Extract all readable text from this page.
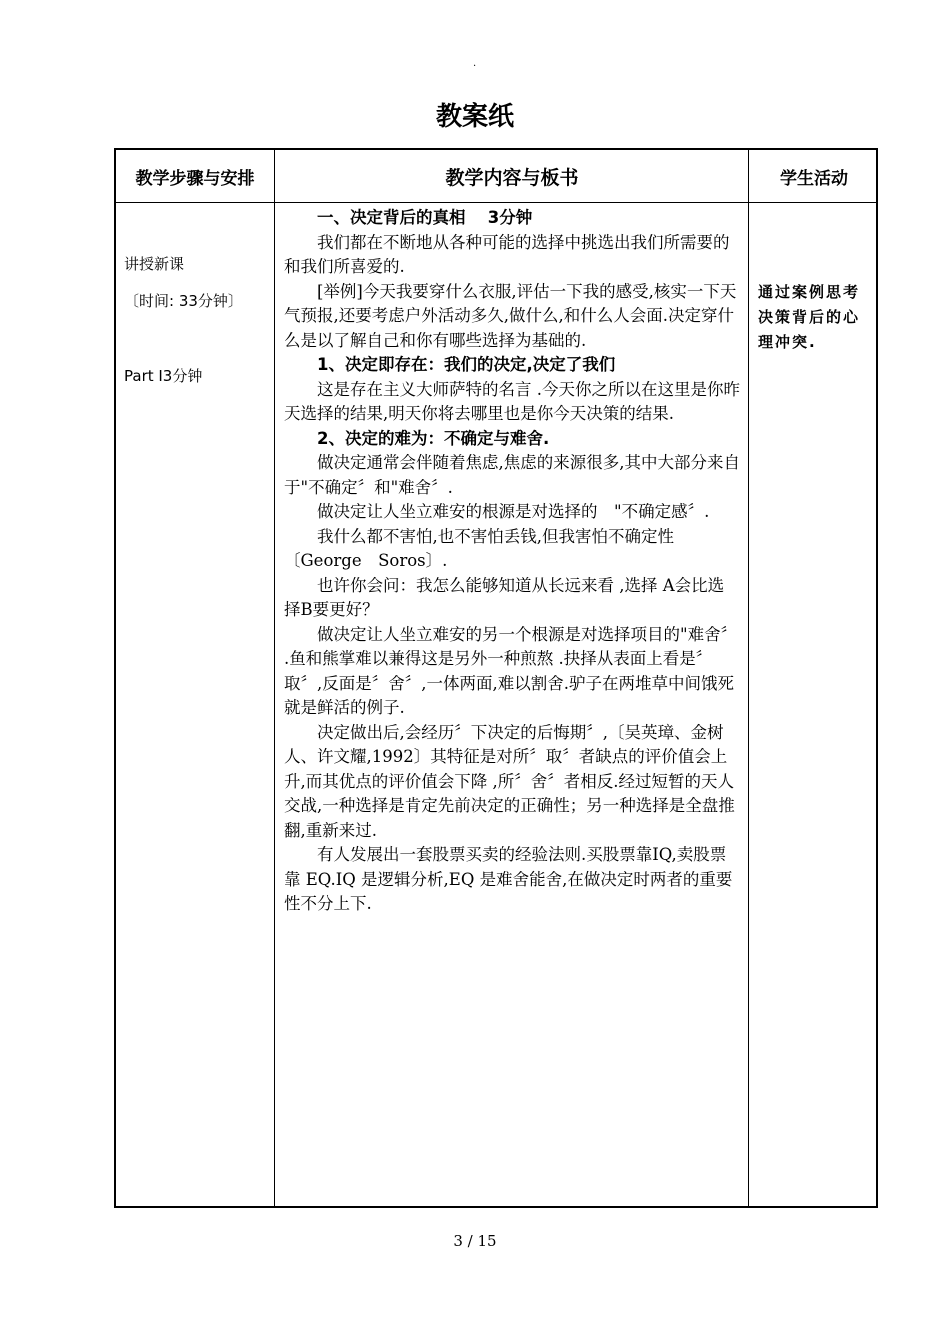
.
教案纸
教学步骤与安排	教学内容与板书	学生活动
讲授新课
〔时间: 33分钟〕
Part Ⅰ3分钟
一、决定背后的真相　 3分钟

我们都在不断地从各种可能的选择中挑选出我们所需要的和我们所喜爱的.

[举例]今天我要穿什么衣服,评估一下我的感受,核实一下天气预报,还要考虑户外活动多久,做什么,和什么人会面.决定穿什么是以了解自己和你有哪些选择为基础的.

1、决定即存在：我们的决定,决定了我们

这是存在主义大师萨特的名言 .今天你之所以在这里是你昨天选择的结果,明天你将去哪里也是你今天决策的结果.

2、决定的难为：不确定与难舍.

做决定通常会伴随着焦虑,焦虑的来源很多,其中大部分来自于"不确定〞和"难舍〞.

做决定让人坐立难安的根源是对选择的　"不确定感〞.

我什么都不害怕,也不害怕丢钱,但我害怕不确定性〔George　Soros〕.

也许你会问：我怎么能够知道从长远来看 ,选择 A会比选择B要更好？

做决定让人坐立难安的另一个根源是对选择项目的"难舍〞 .鱼和熊掌难以兼得这是另外一种煎熬 .抉择从表面上看是〞取〞,反面是〞舍〞,一体两面,难以割舍.驴子在两堆草中间饿死就是鲜活的例子.

决定做出后,会经历〞下决定的后悔期〞,〔吴英璋、金树人、许文耀,1992〕其特征是对所〞取〞者缺点的评价值会上升,而其优点的评价值会下降 ,所〞舍〞者相反.经过短暂的天人交战,一种选择是肯定先前决定的正确性；另一种选择是全盘推翻,重新来过.

有人发展出一套股票买卖的经验法则.买股票靠IQ,卖股票靠 EQ.IQ 是逻辑分析,EQ 是难舍能舍,在做决定时两者的重要性不分上下.

通过案例思考决策背后的心理冲突.
3 / 15
